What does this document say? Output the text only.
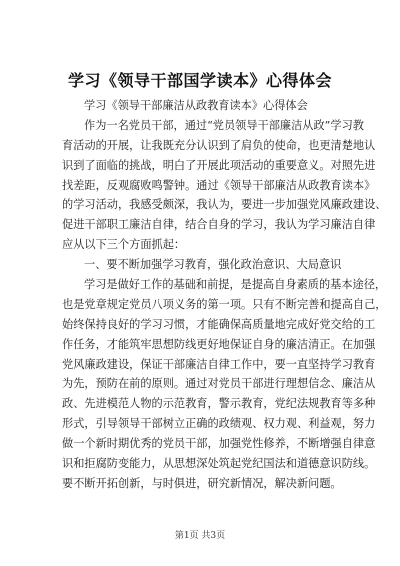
学习《领导干部国学读本》心得体会
学习《领导干部廉洁从政教育读本》心得体会
作为一名党员干部，通过“党员领导干部廉洁从政”学习教
育活动的开展，让我既充分认识到了肩负的使命，也更清楚地认
识到了面临的挑战，明白了开展此项活动的重要意义。对照先进
找差距，反观腐败鸣警钟。通过《领导干部廉洁从政教育读本》
的学习活动，我感受颇深，我认为，要进一步加强党风廉政建设、
促进干部职工廉洁自律，结合自身的学习，我认为学习廉洁自律
应从以下三个方面抓起：
一、要不断加强学习教育，强化政治意识、大局意识
学习是做好工作的基础和前提，是提高自身素质的基本途径，
也是党章规定党员八项义务的第一项。只有不断完善和提高自己，
始终保持良好的学习习惯，才能确保高质量地完成好党交给的工
作任务，才能筑牢思想防线更好地保证自身的廉洁清正。在加强
党风廉政建设，保证干部廉洁自律工作中，要一直坚持学习教育
为先，预防在前的原则。通过对党员干部进行理想信念、廉洁从
政、先进模范人物的示范教育，警示教育，党纪法规教育等多种
形式，引导领导干部树立正确的政绩观、权力观、利益观，努力
做一个新时期优秀的党员干部，加强党性修养，不断增强自律意
识和拒腐防变能力，从思想深处筑起党纪国法和道德意识防线。
要不断开拓创新，与时俱进，研究新情况，解决新问题。
第1页 共3页
